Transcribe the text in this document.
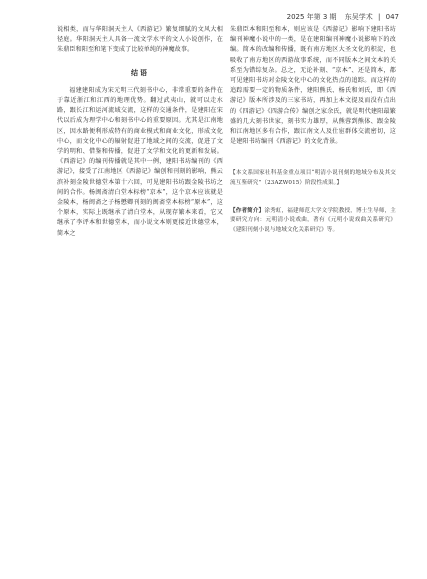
2025 年第 3 期 东吴学术 | 047

说相类，而与华阳洞天主人《西游记》繁复细腻的文风大相径庭。华阳洞天主人具备一流文学水平的文人小说创作，在朱鼎臣和阳至和笔下变成了比较单纯的神魔故事。

结语

福建建阳成为宋元明三代刻书中心，非常重要的条件在于靠近浙江和江西的地理优势。翻过武夷山，就可以走水路，跟长江和运河流域交流，这样的交通条件，是建阳在宋代以后成为理学中心和刻书中心的重要原因。尤其是江南地区，因水路便利形成特有的商业模式和商业文化，形成文化中心，而文化中心的辐射促进了地域之间的交流，促进了文学的明和、借鉴和传播，促进了文学和文化的更新和发展。《西游记》的编刊传播就是其中一例，建阳书坊编刊的《西游记》，接受了江南地区《西游记》编创和刊刻的影响，熊云滨补刻金陵世德堂本第十六回，可见建阳书坊跟金陵书坊之间的合作。杨闽斋清白堂本标榜“京本”，这个京本应该就是金陵本，杨闽斋之子杨懋卿刊刻的闽斋堂本标榜“原本”，这个原本，实际上既继承了清白堂本，从现存繁本来看，它又继承了李评本和世德堂本，而小说文本则更接近世德堂本，简本之

朱鼎臣本和阳至和本，则应该是《西游记》影响下建阳书坊编刊神魔小说中的一类，是在建阳编刊神魔小说影响下的改编。简本的改编和传播，既有南方地区大圣文化的积淀，也吸收了南方地区的西游故事系统，而不同版本之间文本的关系至为错综复杂。总之，无论补刻、“京本”、还是简本，都可见建阳书坊对金陵文化中心的文化热点的追踪。而这样的追踪需要一定的物质条件，建阳熊氏、杨氏和刘氏，即《西游记》版本所涉及的三家书坊，再加上本文提及而没有点出的《四游记》《四游合传》编创之家余氏，就是明代建阳最繁盛的几大刻书世家，刻书实力雄厚，从熊蓉到熊体、跟金陵和江南地区多有合作，跟江南文人及仕宦群体交流密切，这是建阳书坊编刊《西游记》的文化背景。

【本文系国家社科基金重点项目“明清小说刊刻的地域分布及其交流互鉴研究”（23AZW015）阶段性成果。】

【作者简介】涂秀虹，福建师范大学文学院教授，博士生导师，主要研究方向：元明清小说戏曲，著有《元明小说戏曲关系研究》《建阳刊刻小说与地域文化关系研究》等。
